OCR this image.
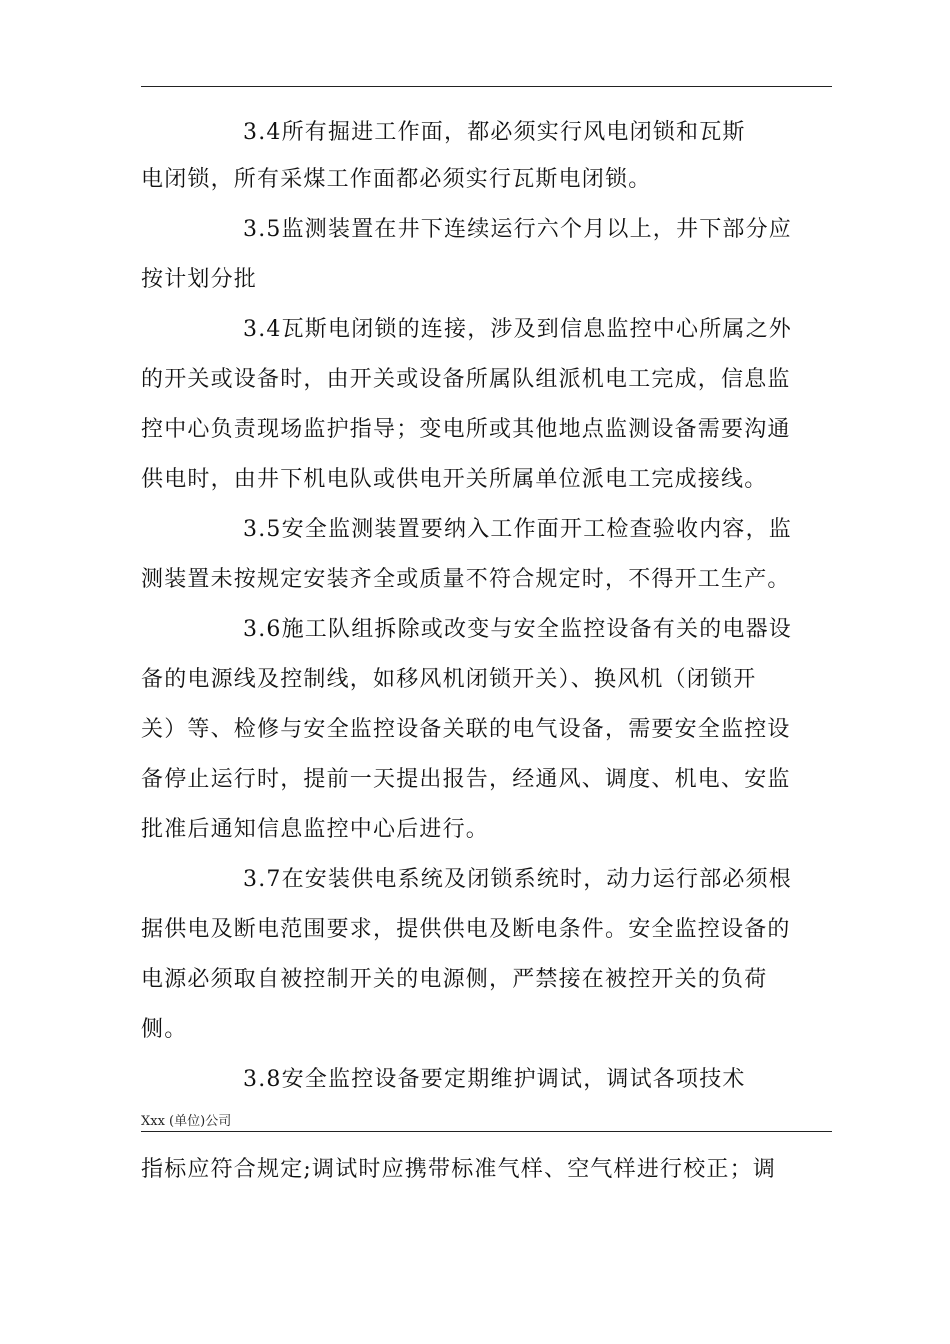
3.4所有掘进工作面，都必须实行风电闭锁和瓦斯
电闭锁，所有采煤工作面都必须实行瓦斯电闭锁。
3.5监测装置在井下连续运行六个月以上，井下部分应
按计划分批
3.4瓦斯电闭锁的连接，涉及到信息监控中心所属之外
的开关或设备时，由开关或设备所属队组派机电工完成，信息监
控中心负责现场监护指导；变电所或其他地点监测设备需要沟通
供电时，由井下机电队或供电开关所属单位派电工完成接线。
3.5安全监测装置要纳入工作面开工检查验收内容，监
测装置未按规定安装齐全或质量不符合规定时，不得开工生产。
3.6施工队组拆除或改变与安全监控设备有关的电器设
备的电源线及控制线，如移风机闭锁开关）、换风机（闭锁开
关）等、检修与安全监控设备关联的电气设备，需要安全监控设
备停止运行时，提前一天提出报告，经通风、调度、机电、安监
批准后通知信息监控中心后进行。
3.7在安装供电系统及闭锁系统时，动力运行部必须根
据供电及断电范围要求，提供供电及断电条件。安全监控设备的
电源必须取自被控制开关的电源侧，严禁接在被控开关的负荷
侧。
3.8安全监控设备要定期维护调试，调试各项技术
Xxx (单位)公司
指标应符合规定;调试时应携带标准气样、空气样进行校正；调
